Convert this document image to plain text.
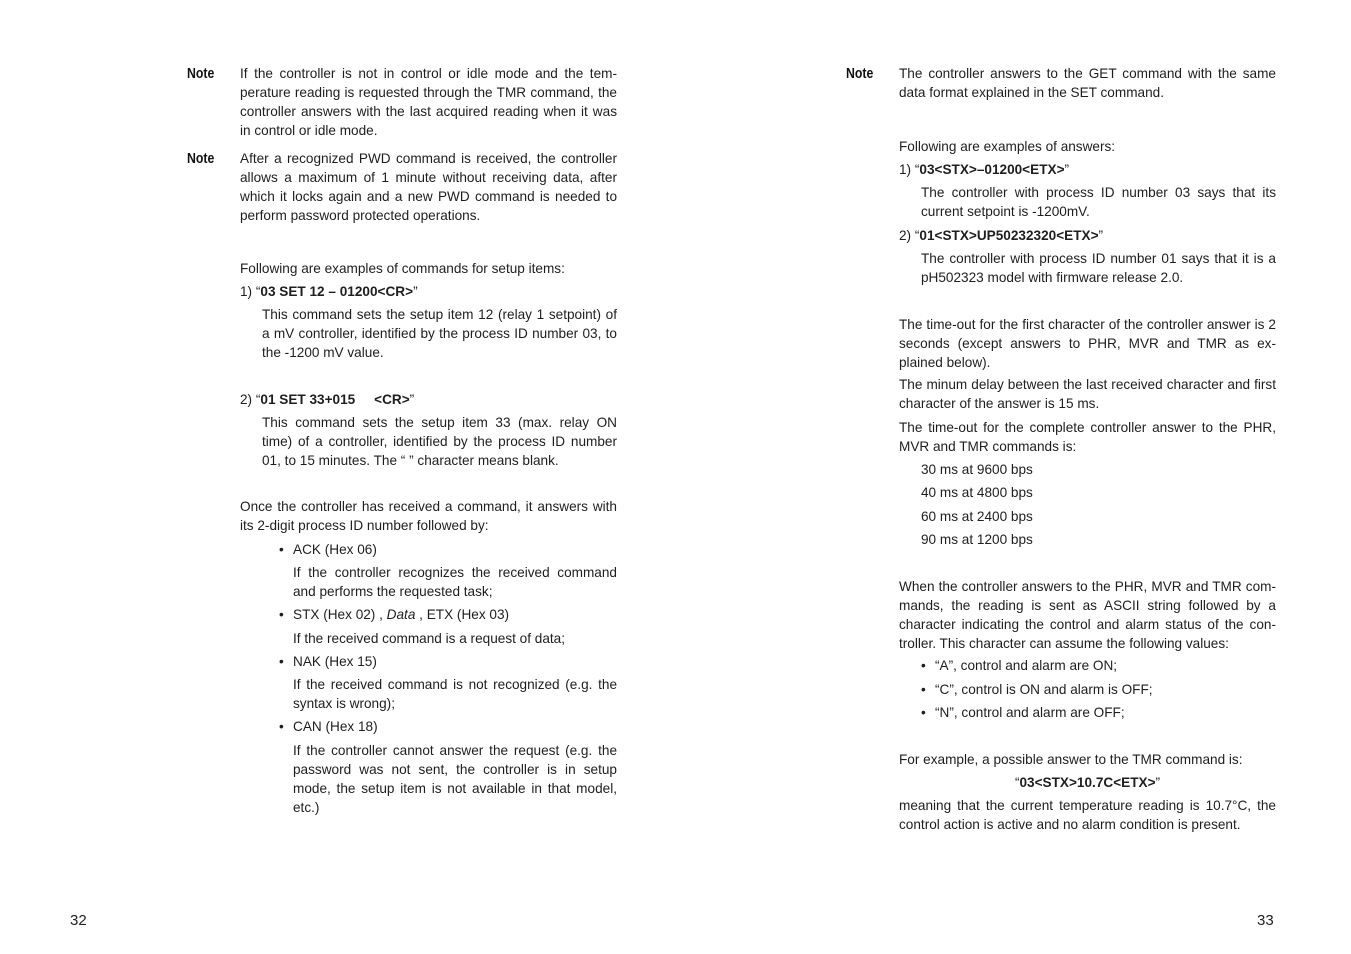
Note If the controller is not in control or idle mode and the tem-perature reading is requested through the TMR command, the controller answers with the last acquired reading when it was in control or idle mode.
Note After a recognized PWD command is received, the controller allows a maximum of 1 minute without receiving data, after which it locks again and a new PWD command is needed to perform password protected operations.
Following are examples of commands for setup items:
1) “03 SET 12 – 01200<CR>”
This command sets the setup item 12 (relay 1 setpoint) of a mV controller, identified by the process ID number 03, to the -1200 mV value.
2) “01 SET 33+015     <CR>”
This command sets the setup item 33 (max. relay ON time) of a controller, identified by the process ID number 01, to 15 minutes. The “ ” character means blank.
Once the controller has received a command, it answers with its 2-digit process ID number followed by:
• ACK (Hex 06)
If the controller recognizes the received command and performs the requested task;
• STX (Hex 02) , Data , ETX (Hex 03)
If the received command is a request of data;
• NAK (Hex 15)
If the received command is not recognized (e.g. the syntax is wrong);
• CAN (Hex 18)
If the controller cannot answer the request (e.g. the password was not sent, the controller is in setup mode, the setup item is not available in that model, etc.)
32
Note The controller answers to the GET command with the same data format explained in the SET command.
Following are examples of answers:
1) “03<STX>–01200<ETX>”
The controller with process ID number 03 says that its current setpoint is -1200mV.
2) “01<STX>UP50232320<ETX>”
The controller with process ID number 01 says that it is a pH502323 model with firmware release 2.0.
The time-out for the first character of the controller answer is 2 seconds (except answers to PHR, MVR and TMR as ex-plained below).
The minum delay between the last received character and first character of the answer is 15 ms.
The time-out for the complete controller answer to the PHR, MVR and TMR commands is:
30 ms at 9600 bps
40 ms at 4800 bps
60 ms at 2400 bps
90 ms at 1200 bps
When the controller answers to the PHR, MVR and TMR com-mands, the reading is sent as ASCII string followed by a character indicating the control and alarm status of the con-troller. This character can assume the following values:
• “A”, control and alarm are ON;
• “C”, control is ON and alarm is OFF;
• “N”, control and alarm are OFF;
For example, a possible answer to the TMR command is:
“03<STX>10.7C<ETX>”
meaning that the current temperature reading is 10.7°C, the control action is active and no alarm condition is present.
33
